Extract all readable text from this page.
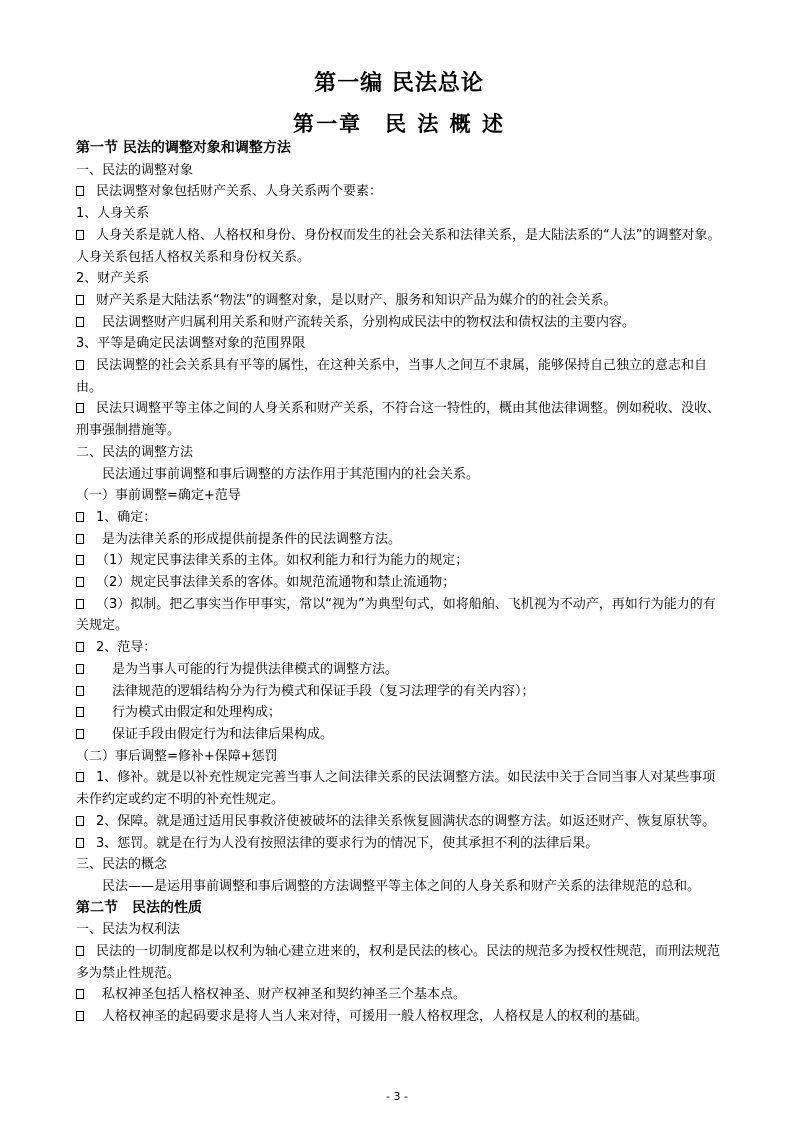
第一编 民法总论
第一章　民 法 概 述
第一节 民法的调整对象和调整方法
一、民法的调整对象
民法调整对象包括财产关系、人身关系两个要素：
1、人身关系
人身关系是就人格、人格权和身份、身份权而发生的社会关系和法律关系，是大陆法系的“人法”的调整对象。人身关系包括人格权关系和身份权关系。
2、财产关系
财产关系是大陆法系“物法”的调整对象，是以财产、服务和知识产品为媒介的的社会关系。
民法调整财产归属利用关系和财产流转关系，分别构成民法中的物权法和债权法的主要内容。
3、平等是确定民法调整对象的范围界限
民法调整的社会关系具有平等的属性，在这种关系中，当事人之间互不隶属，能够保持自己独立的意志和自由。
民法只调整平等主体之间的人身关系和财产关系，不符合这一特性的，概由其他法律调整。例如税收、没收、刑事强制措施等。
二、民法的调整方法
民法通过事前调整和事后调整的方法作用于其范围内的社会关系。
（一）事前调整=确定+范导
1、确定：
是为法律关系的形成提供前提条件的民法调整方法。
（1）规定民事法律关系的主体。如权利能力和行为能力的规定；
（2）规定民事法律关系的客体。如规范流通物和禁止流通物；
（3）拟制。把乙事实当作甲事实，常以“视为”为典型句式，如将船舶、飞机视为不动产，再如行为能力的有关规定。
2、范导：
是为当事人可能的行为提供法律模式的调整方法。
法律规范的逻辑结构分为行为模式和保证手段（复习法理学的有关内容）；
行为模式由假定和处理构成；
保证手段由假定行为和法律后果构成。
（二）事后调整=修补+保障+惩罚
1、修补。就是以补充性规定完善当事人之间法律关系的民法调整方法。如民法中关于合同当事人对某些事项未作约定或约定不明的补充性规定。
2、保障。就是通过适用民事救济使被破坏的法律关系恢复圆满状态的调整方法。如返还财产、恢复原状等。
3、惩罚。就是在行为人没有按照法律的要求行为的情况下，使其承担不利的法律后果。
三、民法的概念
民法——是运用事前调整和事后调整的方法调整平等主体之间的人身关系和财产关系的法律规范的总和。
第二节　民法的性质
一、民法为权利法
民法的一切制度都是以权利为轴心建立进来的，权利是民法的核心。民法的规范多为授权性规范，而刑法规范多为禁止性规范。
私权神圣包括人格权神圣、财产权神圣和契约神圣三个基本点。
人格权神圣的起码要求是将人当人来对待，可援用一般人格权理念，人格权是人的权利的基础。
- 3 -
